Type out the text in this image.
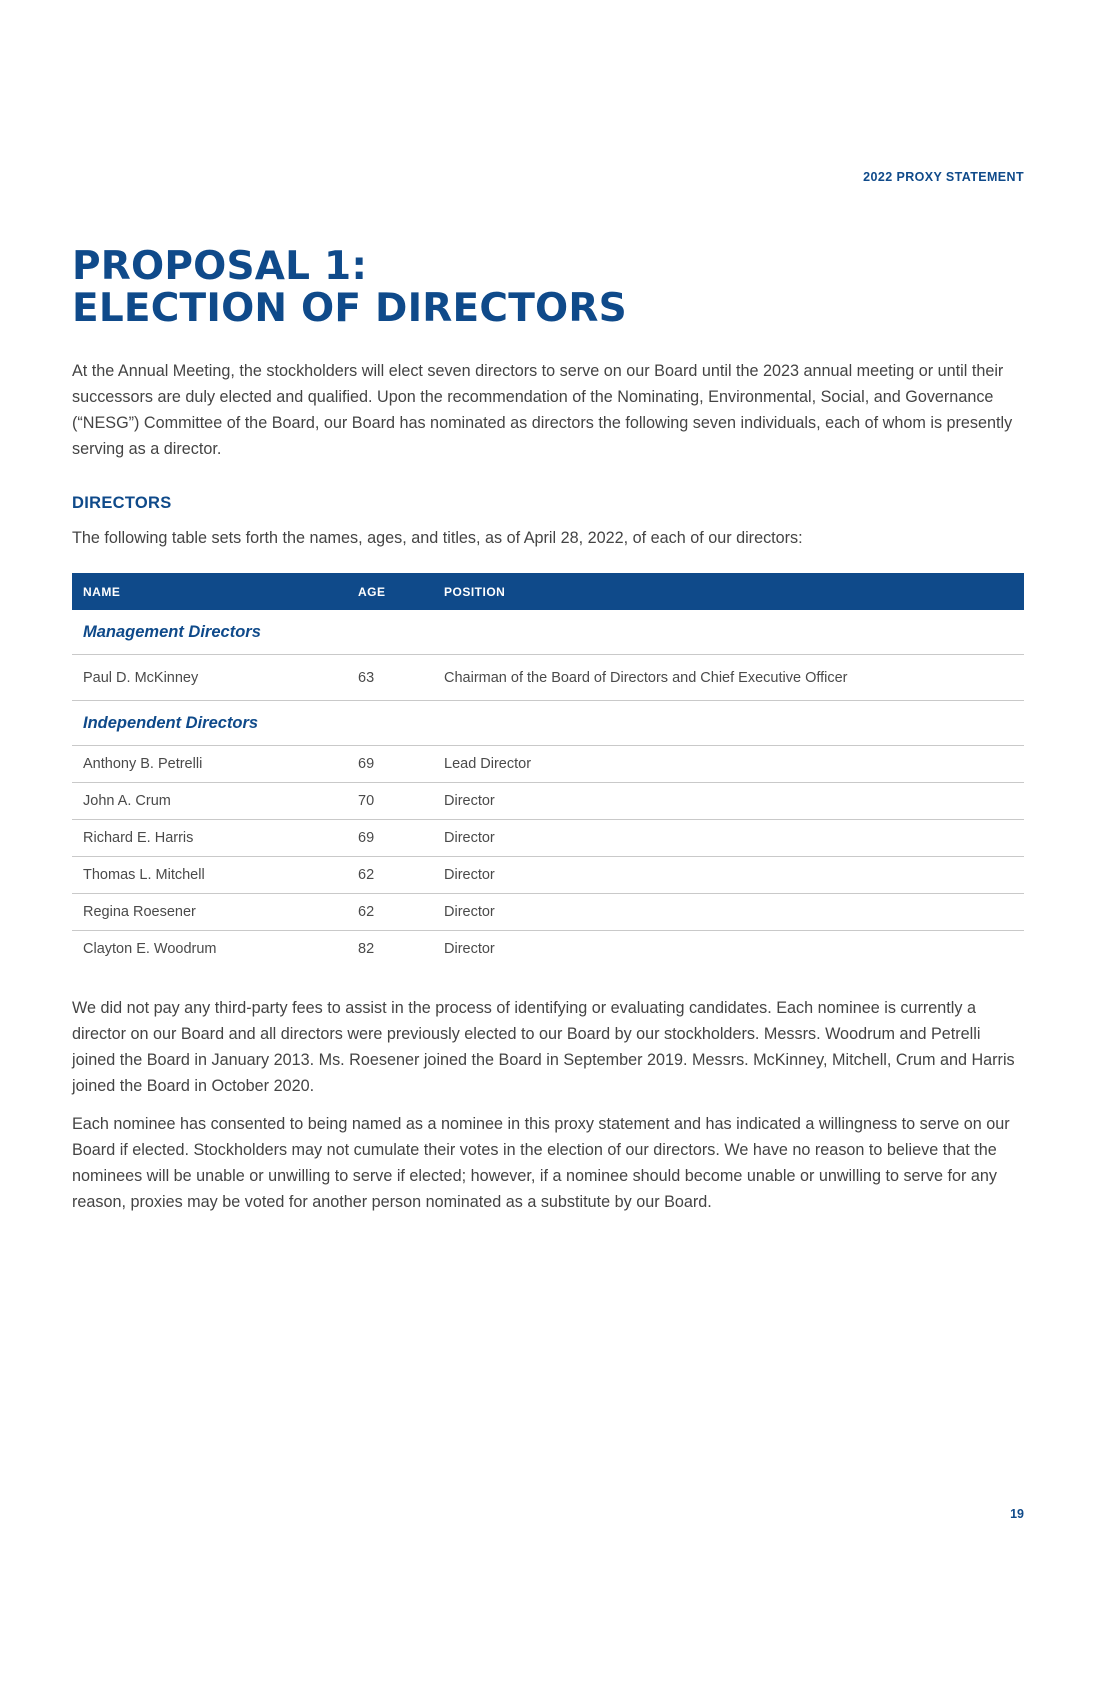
2022 PROXY STATEMENT
PROPOSAL 1:
ELECTION OF DIRECTORS

At the Annual Meeting, the stockholders will elect seven directors to serve on our Board until the 2023 annual meeting or until their successors are duly elected and qualified. Upon the recommendation of the Nominating, Environmental, Social, and Governance (“NESG”) Committee of the Board, our Board has nominated as directors the following seven individuals, each of whom is presently serving as a director.

DIRECTORS

The following table sets forth the names, ages, and titles, as of April 28, 2022, of each of our directors:

NAME	AGE	POSITION
Management Directors		
Paul D. McKinney	63	Chairman of the Board of Directors and Chief Executive Officer
Independent Directors		
Anthony B. Petrelli	69	Lead Director
John A. Crum	70	Director
Richard E. Harris	69	Director
Thomas L. Mitchell	62	Director
Regina Roesener	62	Director
Clayton E. Woodrum	82	Director

We did not pay any third-party fees to assist in the process of identifying or evaluating candidates. Each nominee is currently a director on our Board and all directors were previously elected to our Board by our stockholders. Messrs. Woodrum and Petrelli joined the Board in January 2013. Ms. Roesener joined the Board in September 2019. Messrs. McKinney, Mitchell, Crum and Harris joined the Board in October 2020.

Each nominee has consented to being named as a nominee in this proxy statement and has indicated a willingness to serve on our Board if elected. Stockholders may not cumulate their votes in the election of our directors. We have no reason to believe that the nominees will be unable or unwilling to serve if elected; however, if a nominee should become unable or unwilling to serve for any reason, proxies may be voted for another person nominated as a substitute by our Board.

19
